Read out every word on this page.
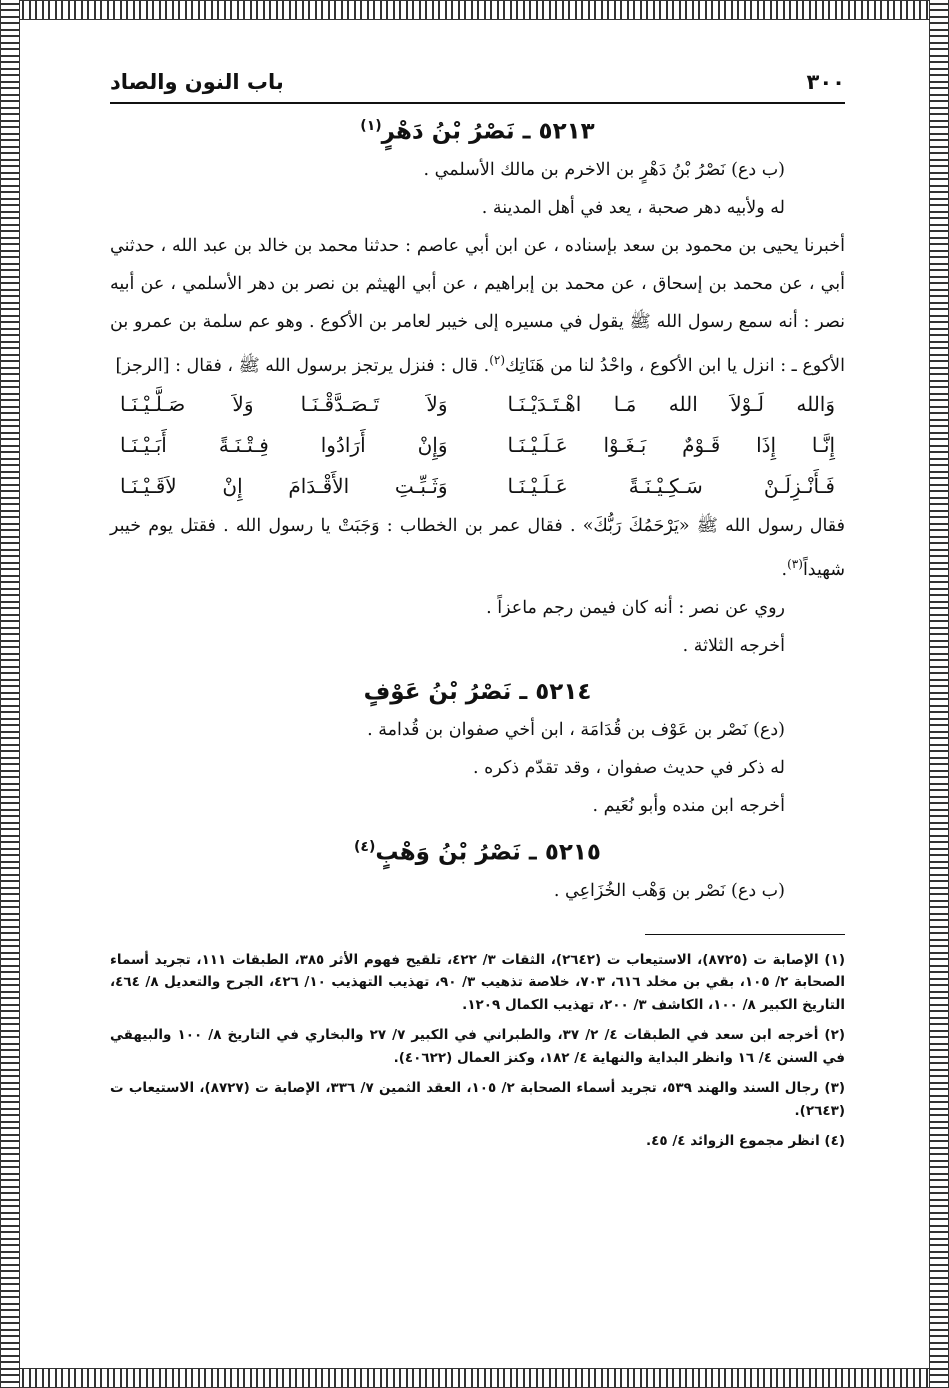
٣٠٠
باب النون والصاد
٥٢١٣ ـ نَصْرُ بْنُ دَهْرٍ$^{(١)}$

(ب دع) نَصْرُ بْنُ دَهْرٍ بن الاخرم بن مالك الأسلمي .

له ولأبيه دهر صحبة ، يعد في أهل المدينة .

أخبرنا يحيى بن محمود بن سعد بإسناده ، عن ابن أبي عاصم : حدثنا محمد بن خالد بن عبد الله ، حدثني أبي ، عن محمد بن إسحاق ، عن محمد بن إبراهيم ، عن أبي الهيثم بن نصر بن دهر الأسلمي ، عن أبيه نصر : أنه سمع رسول الله ﷺ يقول في مسيره إلى خيبر لعامر بن الأكوع . وهو عم سلمة بن عمرو بن الأكوع ـ : انزل يا ابن الأكوع ، واحْدُ لنا من هَنَاتِك$^{(٢)}$. قال : فنزل يرتجز برسول الله ﷺ ، فقال : [الرجز]

وَالله لَـوْلاَ الله مَـا اهْـتَـدَيْـنَـا
وَلاَ تَـصَـدَّقْـنَـا وَلاَ صَـلَّـيْـنَـا
إِنَّـا إِذَا قَـوْمٌ بَـغَـوْا عَـلَـيْـنَـا
وَإِنْ أَرَادُوا فِـتْـنَـةً أَبَـيْـنَـا
فَـأَنْـزِلَـنْ سَـكِـيْـنَـةً عَـلَـيْـنَـا
وَثَـبِّـتِ الأَقْـدَامَ إِنْ لاَقَـيْـنَـا

فقال رسول الله ﷺ «يَرْحَمُكَ رَبُّكَ» . فقال عمر بن الخطاب : وَجَبَتْ يا رسول الله . فقتل يوم خيبر شهيداً$^{(٣)}$.

روي عن نصر : أنه كان فيمن رجم ماعزاً .

أخرجه الثلاثة .

٥٢١٤ ـ نَصْرُ بْنُ عَوْفٍ

(دع) نَصْر بن عَوْف بن قُدَامَة ، ابن أخي صفوان بن قُدامة .

له ذكر في حديث صفوان ، وقد تقدّم ذكره .

أخرجه ابن منده وأبو نُعَيم .

٥٢١٥ ـ نَصْرُ بْنُ وَهْبٍ$^{(٤)}$

(ب دع) نَصْر بن وَهْب الخُزَاعِي .

(١) الإصابة ت (٨٧٢٥)، الاستيعاب ت (٢٦٤٢)، الثقات ٣/ ٤٢٢، تلقيح فهوم الأثر ٣٨٥، الطبقات ١١١، تجريد أسماء الصحابة ٢/ ١٠٥، بقي بن مخلد ٦١٦، ٧٠٣، خلاصة تذهيب ٣/ ٩٠، تهذيب التهذيب ١٠/ ٤٢٦، الجرح والتعديل ٨/ ٤٦٤، التاريخ الكبير ٨/ ١٠٠، الكاشف ٣/ ٢٠٠، تهذيب الكمال ١٢٠٩.
(٢) أخرجه ابن سعد في الطبقات ٤/ ٢/ ٣٧، والطبراني في الكبير ٧/ ٢٧ والبخاري في التاريخ ٨/ ١٠٠ والبيهقي في السنن ٤/ ١٦ وانظر البداية والنهاية ٤/ ١٨٢، وكنز العمال (٤٠٦٢٢).
(٣) رجال السند والهند ٥٣٩، تجريد أسماء الصحابة ٢/ ١٠٥، العقد الثمين ٧/ ٣٣٦، الإصابة ت (٨٧٢٧)، الاستيعاب ت (٢٦٤٣).
(٤) انظر مجموع الزوائد ٤/ ٤٥.
